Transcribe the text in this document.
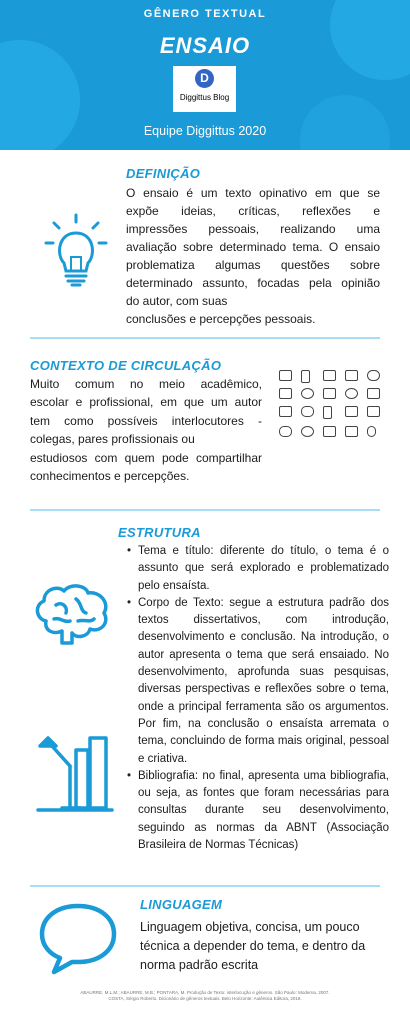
GÊNERO TEXTUAL
ENSAIO
D
Diggittus Blog
Equipe Diggittus 2020
DEFINIÇÃO
O ensaio é um texto opinativo em que se
expõe ideias, críticas, reflexões e
impressões pessoais, realizando uma
avaliação sobre determinado tema. O ensaio
problematiza algumas questões sobre
determinado assunto, focadas pela opinião
do autor, com suas
conclusões e percepções pessoais.
CONTEXTO DE CIRCULAÇÃO
Muito comum no meio acadêmico,
escolar e profissional, em que um autor
tem como possíveis interlocutores -
colegas, pares profissionais ou
estudiosos com quem pode compartilhar
conhecimentos e percepções.
ESTRUTURA
• Tema e título: diferente do título, o tema é o assunto que será explorado e problematizado pelo ensaísta.
• Corpo de Texto: segue a estrutura padrão dos textos dissertativos, com introdução, desenvolvimento e conclusão. Na introdução, o autor apresenta o tema que será ensaiado. No desenvolvimento, aprofunda suas pesquisas, diversas perspectivas e reflexões sobre o tema, onde a principal ferramenta são os argumentos. Por fim, na conclusão o ensaísta arremata o tema, concluindo de forma mais original, pessoal e criativa.
• Bibliografia: no final, apresenta uma bibliografia, ou seja, as fontes que foram necessárias para consultas durante seu desenvolvimento, seguindo as normas da ABNT (Associação Brasileira de Normas Técnicas)
LINGUAGEM
Linguagem objetiva, concisa, um pouco
técnica a depender do tema, e dentro da
norma padrão escrita
ABAURRE, M.L.M.; ABAURRE, M.B.; PONTARA, M. Produção de Texto: interlocução e gêneros. São Paulo: Moderna, 2007.
COSTA, Sérgio Roberto. Dicionário de gêneros textuais. Belo Horizonte: Autêntica Editora, 2018.
